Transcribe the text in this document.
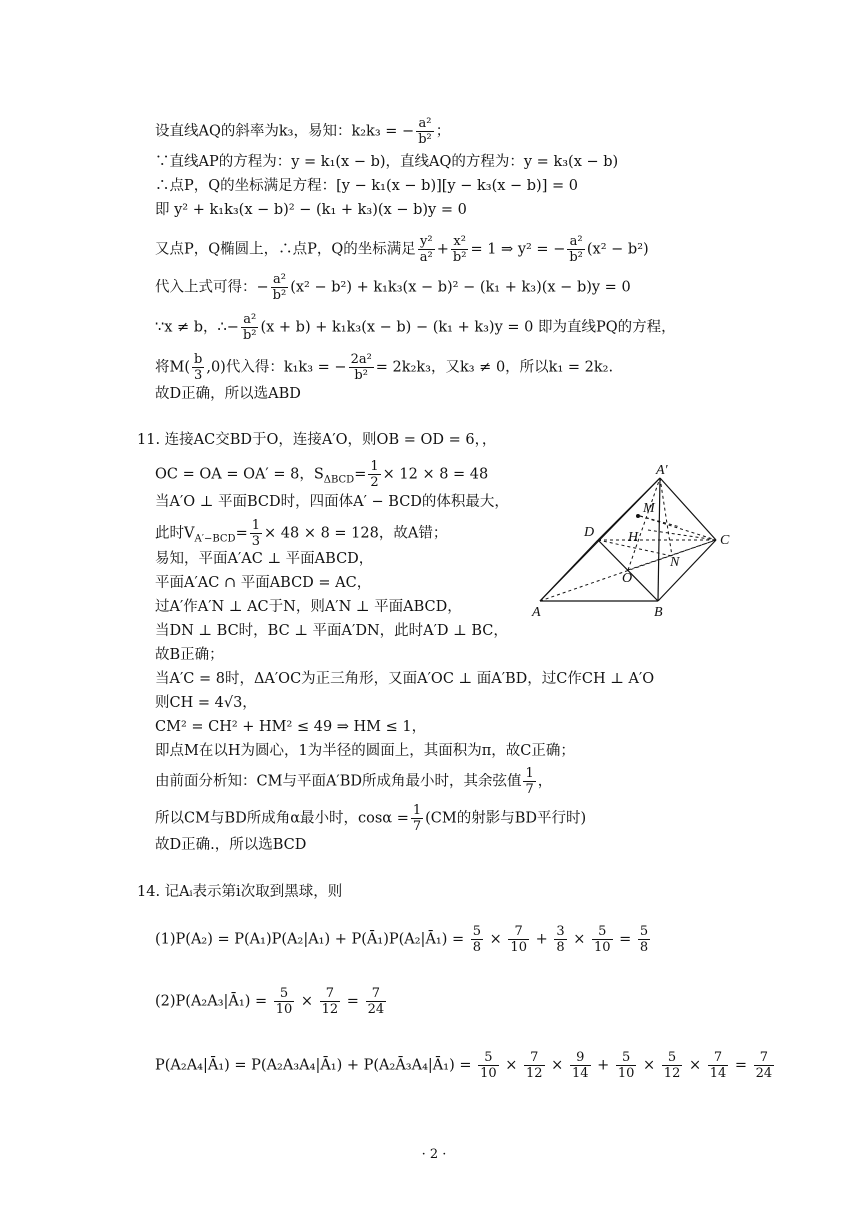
设直线AQ的斜率为k₃，易知：k₂k₃ = − $\frac{\text{a²}}{\text{b²}}$ ；
∵直线AP的方程为：y = k₁(x − b)，直线AQ的方程为：y = k₃(x − b)
∴点P，Q的坐标满足方程：[y − k₁(x − b)][y − k₃(x − b)] = 0
即 y² + k₁k₃(x − b)² − (k₁ + k₃)(x − b)y = 0
又点P，Q椭圆上，∴点P，Q的坐标满足 $\frac{\text{y²}}{\text{a²}} + \frac{\text{x²}}{\text{b²}} = 1$ ⇒ y² = − $\frac{\text{a²}}{\text{b²}} (x^2 - b^2)$
代入上式可得：− $\frac{\text{a²}}{\text{b²}} (x^2 - b^2) + k_1k_3(x - b)^2 - (k_1 + k_3)(x - b)y = 0$
∵x ≠ b，∴− $\frac{\text{a²}}{\text{b²}} (x + b) + k_1k_3(x - b) - (k_1 + k_3)y = 0$ 即为直线PQ的方程，
将$M( \frac{b}{3} ,0)$代入得：k₁k₃ = − $\frac{\text{2a²}}{\text{b²}} = 2k_2k_3$，又k₃ ≠ 0，所以k₁ = 2k₂.
故D正确，所以选ABD
11. 连接AC交BD于O，连接A′O，则OB = OD = 6，，
OC = OA = OA′ = 8，$S_{\Delta BCD}= \frac{1}{2} \times 12 \times 8 = 48$
当A′O ⊥ 平面BCD时，四面体A′ − BCD的体积最大，
此时$V_{A'-BCD}= \frac{1}{3} \times 48 \times 8 = 128$，故A错；
易知，平面A′AC ⊥ 平面ABCD，
平面A′AC ∩ 平面ABCD = AC，
过A′作A′N ⊥ AC于N，则A′N ⊥ 平面ABCD，
当DN ⊥ BC时，BC ⊥ 平面A′DN，此时A′D ⊥ BC，
故B正确；
当A′C = 8时，ΔA′OC为正三角形，又面A′OC ⊥ 面A′BD，过C作CH ⊥ A′O
则CH = 4√3，
CM² = CH² + HM² ≤ 49 ⇒ HM ≤ 1，
即点M在以H为圆心，1为半径的圆面上，其面积为π，故C正确；
由前面分析知：CM与平面A′BD所成角最小时，其余弦值 $\frac{1}{7}$ ，
所以CM与BD所成角α最小时，$\cos\alpha = \frac{1}{7} (CM$的射影与BD平行时)
故D正确.，所以选BCD
A′
M
D H	C
N
O
A	B
14. 记Aᵢ表示第i次取到黑球，则
(1)P(A₂) = P(A₁)P(A₂|A₁) + P(Ā₁)P(A₂|Ā₁) = $\frac{5}{8} \times \frac{7}{10} + \frac{3}{8} \times \frac{5}{10} = \frac{5}{8}$
(2)P(A₂A₃|Ā₁) = $\frac{5}{10} \times \frac{7}{12} = \frac{7}{24}$
P(A₂A₄|Ā₁) = P(A₂A₃A₄|Ā₁) + P(A₂Ā₃A₄|Ā₁) = $\frac{5}{10} \times \frac{7}{12} \times \frac{9}{14} + \frac{5}{10} \times \frac{5}{12} \times \frac{7}{14} = \frac{7}{24}$
· 2 ·
